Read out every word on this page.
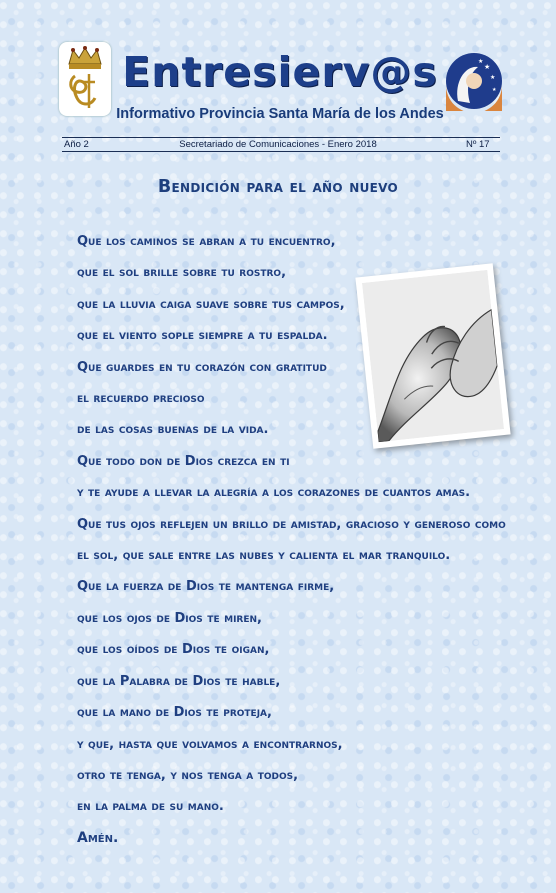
Entresierv@s	★
★
★
★
Informativo Provincia Santa María de los Andes
Año 2	Secretariado de Comunicaciones - Enero 2018	Nº 17
Bendición para el año nuevo
Que los caminos se abran a tu encuentro,
que el sol brille sobre tu rostro,
que la lluvia caiga suave sobre tus campos,
que el viento sople siempre a tu espalda.
Que guardes en tu corazón con gratitud
el recuerdo precioso
de las cosas buenas de la vida.
Que todo don de Dios crezca en ti
y te ayude a llevar la alegría a los corazones de cuantos amas.
Que tus ojos reflejen un brillo de amistad, gracioso y generoso como
el sol, que sale entre las nubes y calienta el mar tranquilo.
Que la fuerza de Dios te mantenga firme,
que los ojos de Dios te miren,
que los oídos de Dios te oigan,
que la Palabra de Dios te hable,
que la mano de Dios te proteja,
y que, hasta que volvamos a encontrarnos,
otro te tenga, y nos tenga a todos,
en la palma de su mano.
Amén.
